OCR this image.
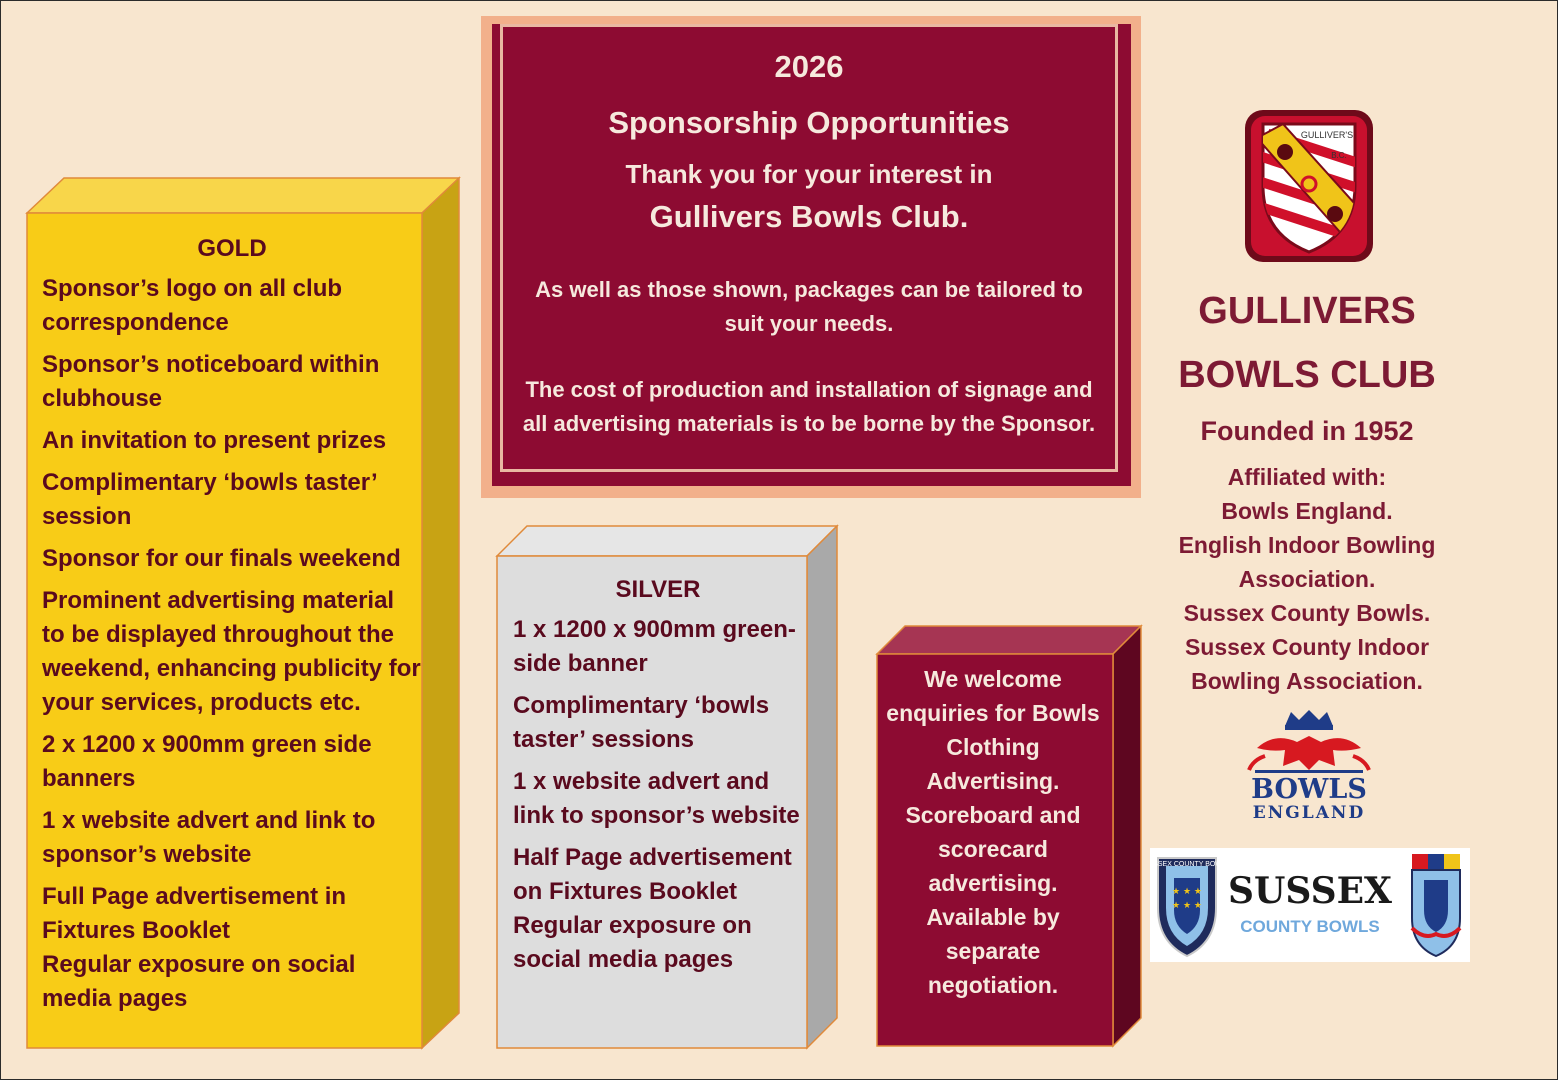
2026
Sponsorship Opportunities
Thank you for your interest in
Gullivers Bowls Club.
As well as those shown, packages can be tailored to suit your needs.
The cost of production and installation of signage and all advertising materials is to be borne by the Sponsor.
GOLD
Sponsor’s logo on all club correspondence
Sponsor’s noticeboard within clubhouse
An invitation to present prizes
Complimentary ‘bowls taster’ session
Sponsor for our finals weekend
Prominent advertising material to be displayed throughout the weekend, enhancing publicity for your services, products etc.
2 x 1200 x 900mm green side banners
1 x website advert and link to sponsor’s website
Full Page advertisement in Fixtures Booklet
Regular exposure on social media pages
SILVER
1 x 1200 x 900mm green-side banner
Complimentary ‘bowls taster’ sessions
1 x website advert and link to sponsor’s website
Half Page advertisement on Fixtures Booklet
Regular exposure on social media pages
We welcome enquiries for Bowls Clothing Advertising. Scoreboard and scorecard advertising. Available by separate negotiation.
GULLIVER'S
B.C.
GULLIVERS
BOWLS CLUB
Founded in 1952
Affiliated with:
Bowls England.
English Indoor Bowling Association.
Sussex County Bowls.
Sussex County Indoor Bowling Association.
BOWLS
ENGLAND
★ ★ ★
★ ★ ★
SUSSEX COUNTY BOWLS
SUSSEX
COUNTY BOWLS
